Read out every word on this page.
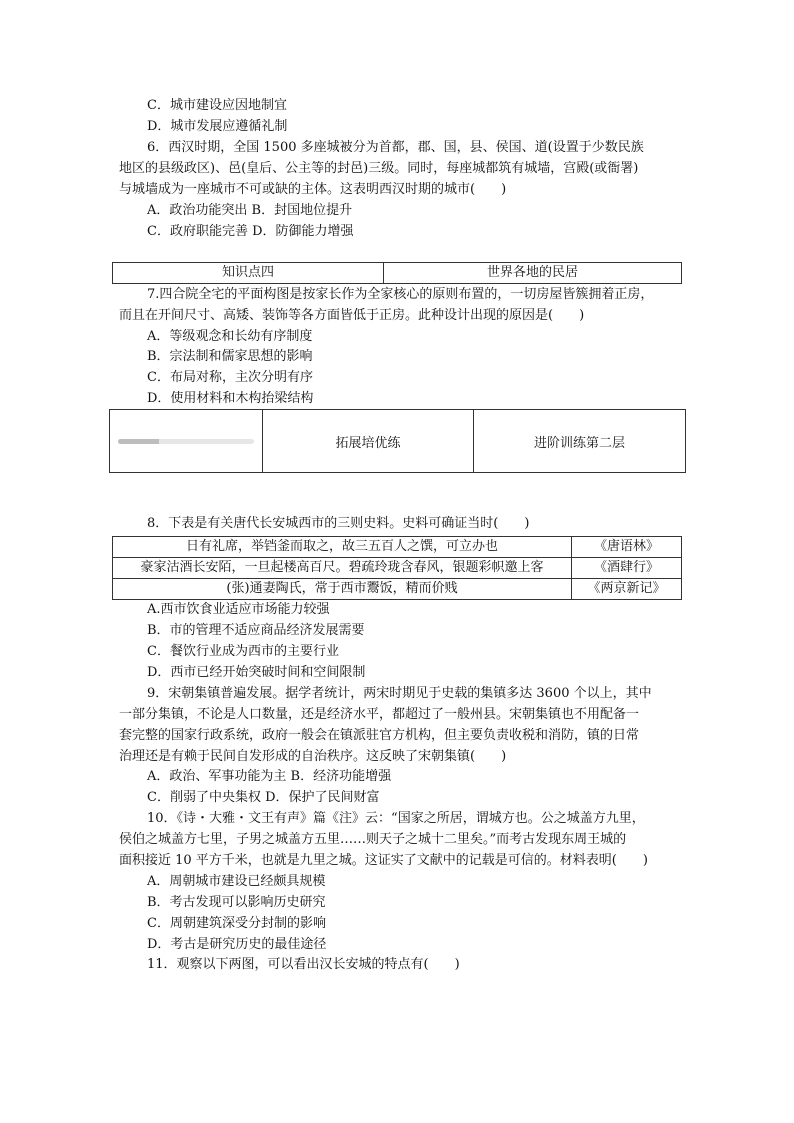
C．城市建设应因地制宜
D．城市发展应遵循礼制
6．西汉时期，全国 1500 多座城被分为首都，郡、国，县、侯国、道(设置于少数民族
地区的县级政区)、邑(皇后、公主等的封邑)三级。同时，每座城都筑有城墙，宫殿(或衙署)
与城墙成为一座城市不可或缺的主体。这表明西汉时期的城市(　　)
A．政治功能突出 B．封国地位提升
C．政府职能完善 D．防御能力增强
知识点四	世界各地的民居
7.四合院全宅的平面构图是按家长作为全家核心的原则布置的，一切房屋皆簇拥着正房，
而且在开间尺寸、高矮、装饰等各方面皆低于正房。此种设计出现的原因是(　　)
A．等级观念和长幼有序制度
B．宗法制和儒家思想的影响
C．布局对称，主次分明有序
D．使用材料和木构抬梁结构
拓展培优练	进阶训练第二层
8．下表是有关唐代长安城西市的三则史料。史料可确证当时(　　)
日有礼席，举铛釜而取之，故三五百人之馔，可立办也	《唐语林》
豪家沽酒长安陌，一旦起楼高百尺。碧疏玲珑含春风，银题彩帜邀上客	《酒肆行》
(张)通妻陶氏，常于西市鬻饭，精而价贱	《两京新记》
A.西市饮食业适应市场能力较强
B．市的管理不适应商品经济发展需要
C．餐饮行业成为西市的主要行业
D．西市已经开始突破时间和空间限制
9．宋朝集镇普遍发展。据学者统计，两宋时期见于史载的集镇多达 3600 个以上，其中
一部分集镇，不论是人口数量，还是经济水平，都超过了一般州县。宋朝集镇也不用配备一
套完整的国家行政系统，政府一般会在镇派驻官方机构，但主要负责收税和消防，镇的日常
治理还是有赖于民间自发形成的自治秩序。这反映了宋朝集镇(　　)
A．政治、军事功能为主 B．经济功能增强
C．削弱了中央集权 D．保护了民间财富
10．《诗・大雅・文王有声》篇《注》云：“国家之所居，谓城方也。公之城盖方九里，
侯伯之城盖方七里，子男之城盖方五里……则天子之城十二里矣。”而考古发现东周王城的
面积接近 10 平方千米，也就是九里之城。这证实了文献中的记载是可信的。材料表明(　　)
A．周朝城市建设已经颇具规模
B．考古发现可以影响历史研究
C．周朝建筑深受分封制的影响
D．考古是研究历史的最佳途径
11．观察以下两图，可以看出汉长安城的特点有(　　)
